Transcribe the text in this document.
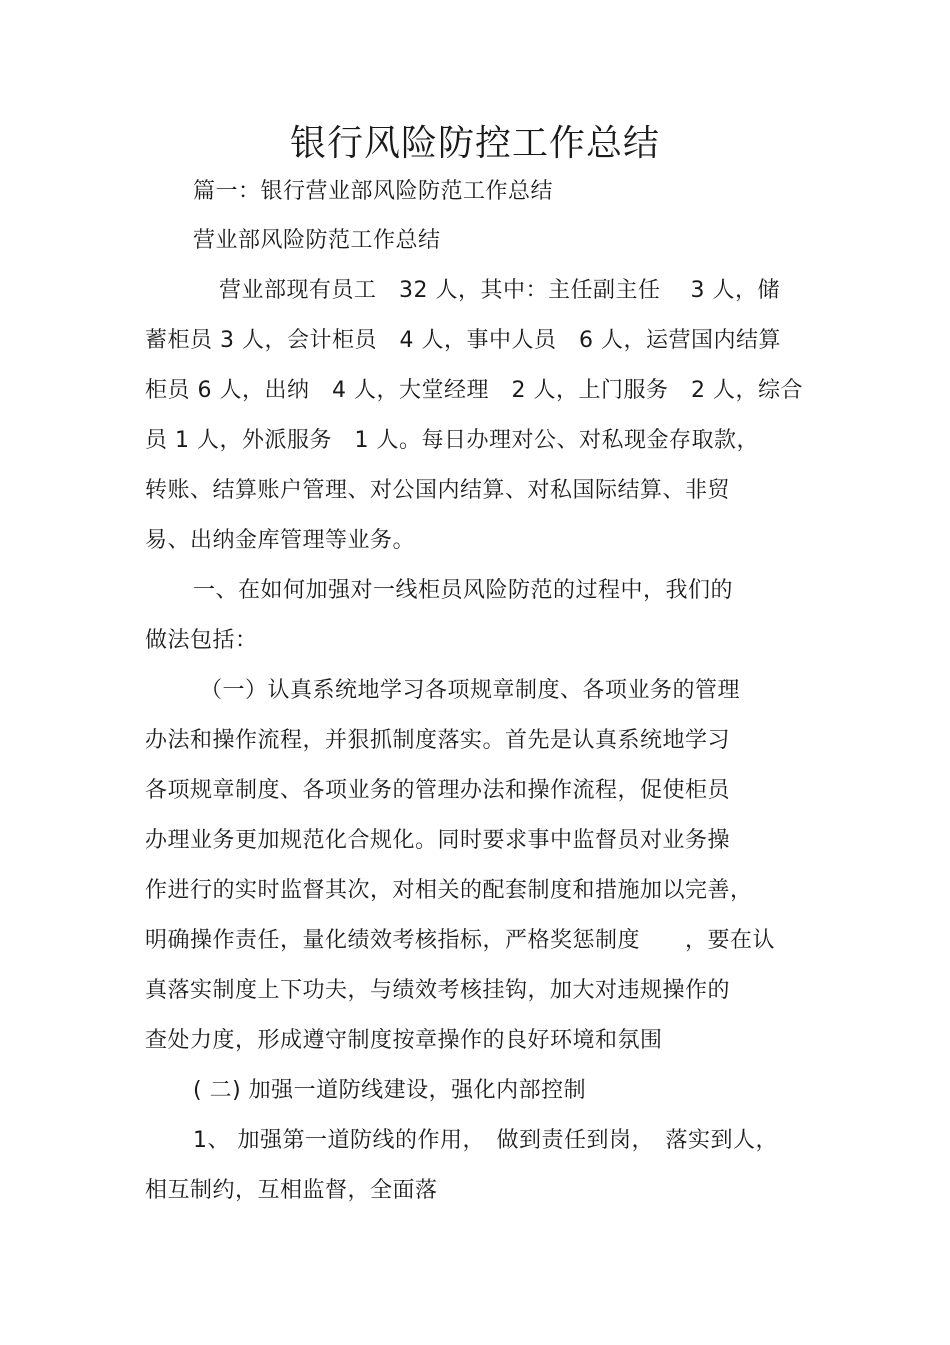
银行风险防控工作总结

篇一：银行营业部风险防范工作总结

营业部风险防范工作总结

营业部现有员工　32 人，其中：主任副主任　 3 人，储

蓄柜员 3 人，会计柜员　4 人，事中人员　6 人，运营国内结算

柜员 6 人，出纳　4 人，大堂经理　2 人，上门服务　2 人，综合

员 1 人，外派服务　1 人。每日办理对公、对私现金存取款，

转账、结算账户管理、对公国内结算、对私国际结算、非贸

易、出纳金库管理等业务。

一、在如何加强对一线柜员风险防范的过程中，我们的

做法包括：

（一）认真系统地学习各项规章制度、各项业务的管理

办法和操作流程，并狠抓制度落实。首先是认真系统地学习

各项规章制度、各项业务的管理办法和操作流程，促使柜员

办理业务更加规范化合规化。同时要求事中监督员对业务操

作进行的实时监督其次，对相关的配套制度和措施加以完善，

明确操作责任，量化绩效考核指标，严格奖惩制度　　，要在认

真落实制度上下功夫，与绩效考核挂钩，加大对违规操作的

查处力度，形成遵守制度按章操作的良好环境和氛围

( 二) 加强一道防线建设，强化内部控制

1、 加强第一道防线的作用，　做到责任到岗，　落实到人，

相互制约，互相监督，全面落
